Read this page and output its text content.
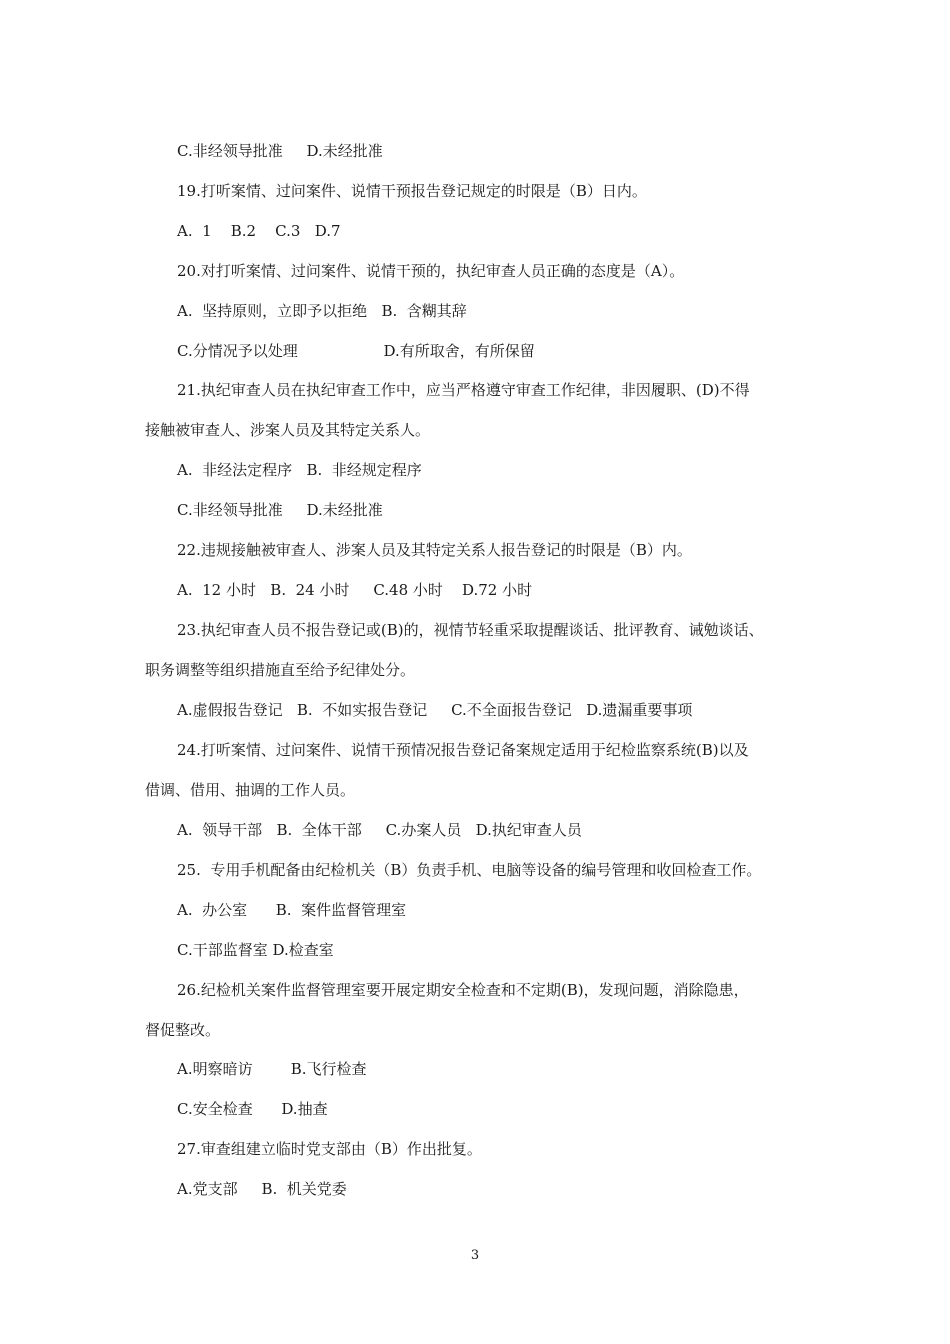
C.非经领导批准     D.未经批准
19.打听案情、过问案件、说情干预报告登记规定的时限是（B）日内。
A.  1    B.2    C.3   D.7
20.对打听案情、过问案件、说情干预的，执纪审查人员正确的态度是（A）。
A.  坚持原则，立即予以拒绝   B.  含糊其辞
C.分情况予以处理                  D.有所取舍，有所保留
21.执纪审查人员在执纪审查工作中，应当严格遵守审查工作纪律，非因履职、(D)不得
接触被审查人、涉案人员及其特定关系人。
A.  非经法定程序   B.  非经规定程序
C.非经领导批准     D.未经批准
22.违规接触被审查人、涉案人员及其特定关系人报告登记的时限是（B）内。
A.  12 小时   B.  24 小时     C.48 小时    D.72 小时
23.执纪审查人员不报告登记或(B)的，视情节轻重采取提醒谈话、批评教育、诫勉谈话、
职务调整等组织措施直至给予纪律处分。
A.虚假报告登记   B.  不如实报告登记     C.不全面报告登记   D.遗漏重要事项
24.打听案情、过问案件、说情干预情况报告登记备案规定适用于纪检监察系统(B)以及
借调、借用、抽调的工作人员。
A.  领导干部   B.  全体干部     C.办案人员   D.执纪审查人员
25.  专用手机配备由纪检机关（B）负责手机、电脑等设备的编号管理和收回检查工作。
A.  办公室      B.  案件监督管理室
C.干部监督室 D.检查室
26.纪检机关案件监督管理室要开展定期安全检查和不定期(B)，发现问题，消除隐患，
督促整改。
A.明察暗访        B.飞行检查
C.安全检查      D.抽查
27.审查组建立临时党支部由（B）作出批复。
A.党支部     B.  机关党委
3
